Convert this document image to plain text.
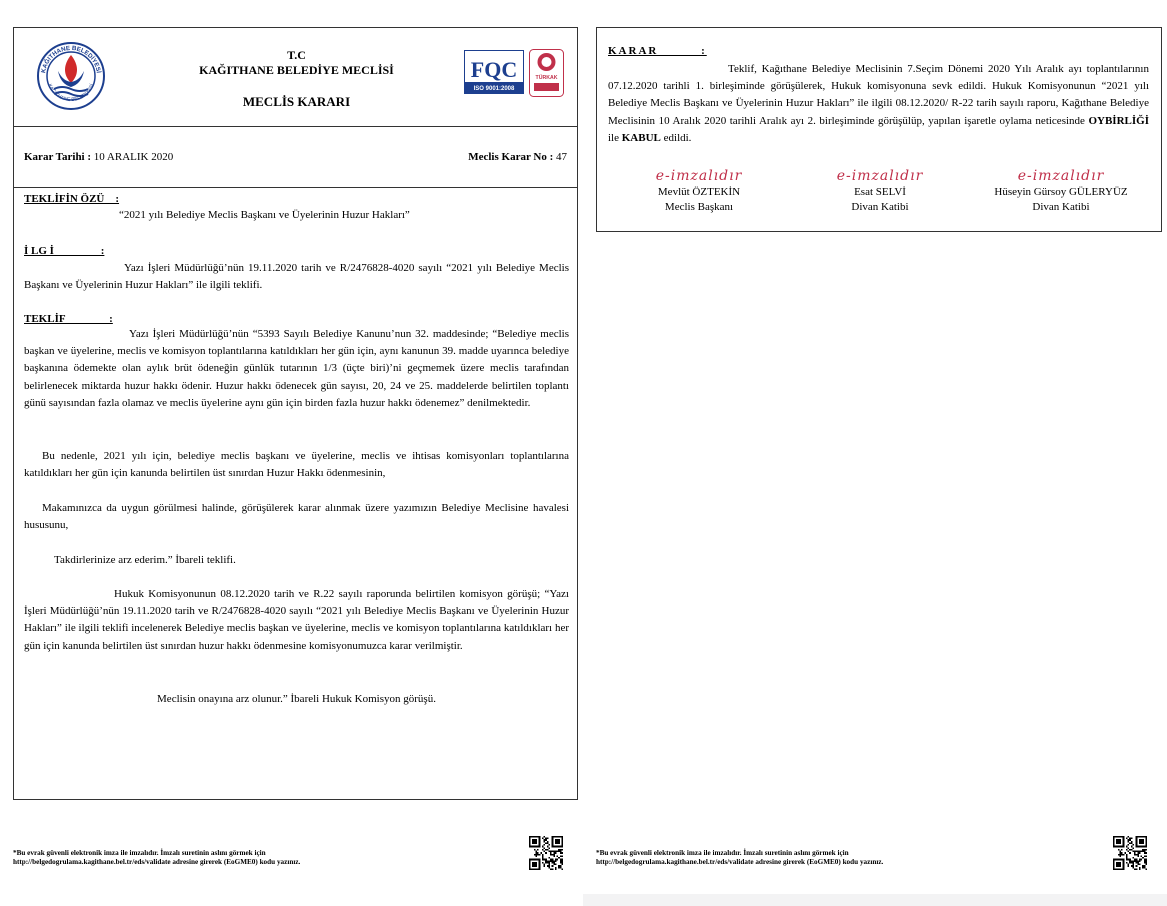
KAĞITHANE BELEDİYESİ
KAĞITHANE BELEDİYESİ
T.C
KAĞITHANE BELEDİYE MECLİSİ
MECLİS KARARI
FQC
ISO 9001:2008
TÜRKAK
Karar Tarihi : 10 ARALIK 2020	Meclis Karar No : 47
TEKLİFİN ÖZÜ    :
“2021 yılı Belediye Meclis Başkanı ve Üyelerinin Huzur Hakları”
İ LG İ                 :
Yazı İşleri Müdürlüğü’nün 19.11.2020 tarih ve R/2476828-4020 sayılı “2021 yılı Belediye Meclis Başkanı ve Üyelerinin Huzur Hakları” ile ilgili teklifi.
TEKLİF                :
Yazı İşleri Müdürlüğü’nün “5393 Sayılı Belediye Kanunu’nun 32. maddesinde; “Belediye meclis başkan ve üyelerine, meclis ve komisyon toplantılarına katıldıkları her gün için, aynı kanunun 39. madde uyarınca belediye başkanına ödemekte olan aylık brüt ödeneğin günlük tutarının 1/3 (üçte biri)’ni geçmemek üzere meclis tarafından belirlenecek miktarda huzur hakkı ödenir. Huzur hakkı ödenecek gün sayısı, 20, 24 ve 25. maddelerde belirtilen toplantı günü sayısından fazla olamaz ve meclis üyelerine aynı gün için birden fazla huzur hakkı ödenemez” denilmektedir.
Bu nedenle, 2021 yılı için, belediye meclis başkanı ve üyelerine, meclis ve ihtisas komisyonları toplantılarına katıldıkları her gün için kanunda belirtilen üst sınırdan Huzur Hakkı ödenmesinin,
Makamınızca da uygun görülmesi halinde, görüşülerek karar alınmak üzere yazımızın Belediye Meclisine havalesi hususunu,
Takdirlerinize arz ederim.” İbareli teklifi.
Hukuk Komisyonunun 08.12.2020 tarih ve R.22 sayılı raporunda belirtilen komisyon görüşü; “Yazı İşleri Müdürlüğü’nün 19.11.2020 tarih ve R/2476828-4020 sayılı “2021 yılı Belediye Meclis Başkanı ve Üyelerinin Huzur Hakları” ile ilgili teklifi incelenerek Belediye meclis başkan ve üyelerine, meclis ve komisyon toplantılarına katıldıkları her gün için kanunda belirtilen üst sınırdan huzur hakkı ödenmesine komisyonumuzca karar verilmiştir.
Meclisin onayına arz olunur.” İbareli Hukuk Komisyon görüşü.
KARAR         :
Teklif, Kağıthane Belediye Meclisinin 7.Seçim Dönemi 2020 Yılı Aralık ayı toplantılarının 07.12.2020 tarihli 1. birleşiminde görüşülerek, Hukuk komisyonuna sevk edildi. Hukuk Komisyonunun “2021 yılı Belediye Meclis Başkanı ve Üyelerinin Huzur Hakları” ile ilgili 08.12.2020/ R-22 tarih sayılı raporu, Kağıthane Belediye Meclisinin 10 Aralık 2020 tarihli Aralık ayı 2. birleşiminde görüşülüp, yapılan işaretle oylama neticesinde OYBİRLİĞİ ile KABUL edildi.
e-imzalıdır
Mevlüt ÖZTEKİN
Meclis Başkanı
e-imzalıdır
Esat SELVİ
Divan Katibi
e-imzalıdır
Hüseyin Gürsoy GÜLERYÜZ
Divan Katibi
*Bu evrak güvenli elektronik imza ile imzalıdır. İmzalı suretinin aslını görmek için
http://belgedogrulama.kagithane.bel.tr/eds/validate adresine girerek (EoGME0) kodu yazınız.
*Bu evrak güvenli elektronik imza ile imzalıdır. İmzalı suretinin aslını görmek için
http://belgedogrulama.kagithane.bel.tr/eds/validate adresine girerek (EoGME0) kodu yazınız.
